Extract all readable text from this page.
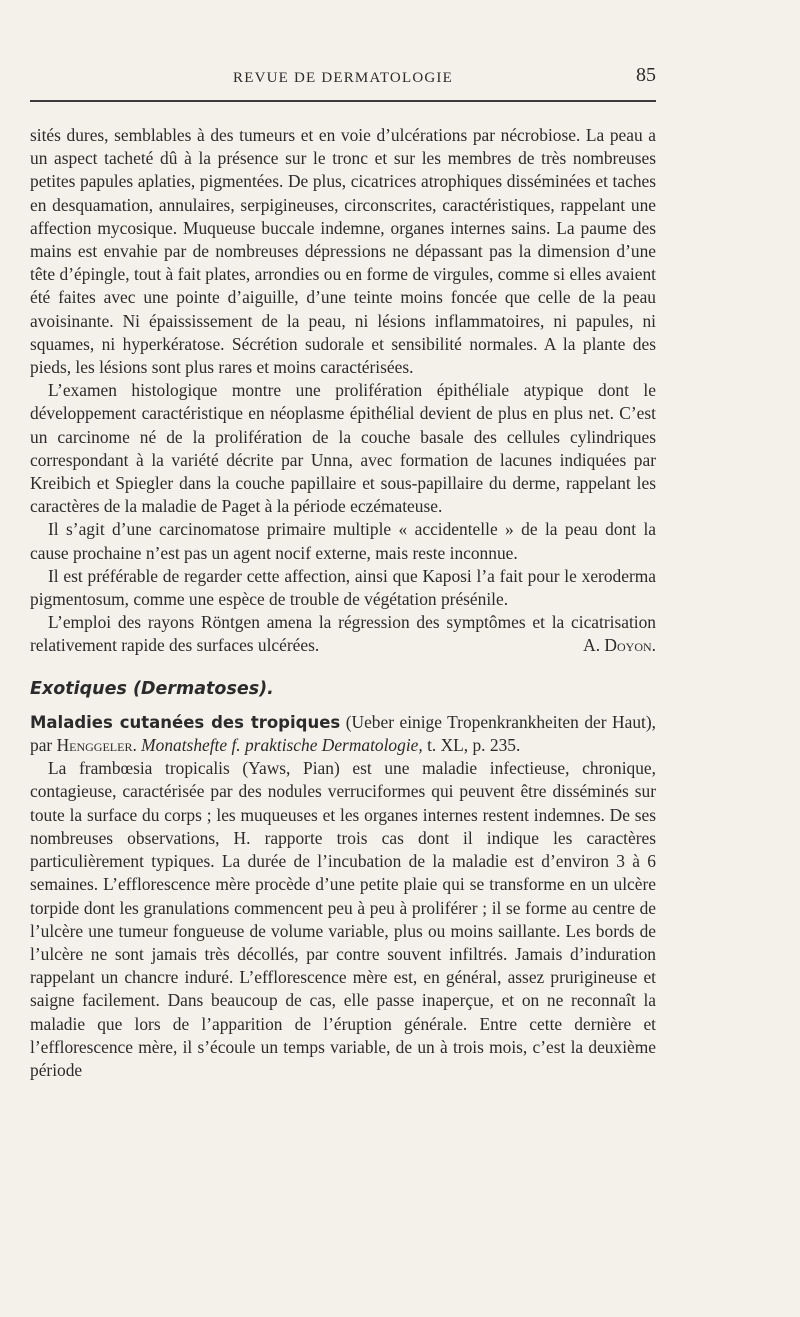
REVUE DE DERMATOLOGIE	85

sités dures, semblables à des tumeurs et en voie d’ulcérations par nécrobiose. La peau a un aspect tacheté dû à la présence sur le tronc et sur les membres de très nombreuses petites papules aplaties, pigmentées. De plus, cicatrices atrophiques disséminées et taches en desquamation, annulaires, serpigineuses, circonscrites, caractéristiques, rappelant une affection mycosique. Muqueuse buccale indemne, organes internes sains. La paume des mains est envahie par de nombreuses dépressions ne dépassant pas la dimension d’une tête d’épingle, tout à fait plates, arrondies ou en forme de virgules, comme si elles avaient été faites avec une pointe d’aiguille, d’une teinte moins foncée que celle de la peau avoisinante. Ni épaississement de la peau, ni lésions inflammatoires, ni papules, ni squames, ni hyperkératose. Sécrétion sudorale et sensibilité normales. A la plante des pieds, les lésions sont plus rares et moins caractérisées.

L’examen histologique montre une prolifération épithéliale atypique dont le développement caractéristique en néoplasme épithélial devient de plus en plus net. C’est un carcinome né de la prolifération de la couche basale des cellules cylindriques correspondant à la variété décrite par Unna, avec formation de lacunes indiquées par Kreibich et Spiegler dans la couche papillaire et sous-papillaire du derme, rappelant les caractères de la maladie de Paget à la période eczémateuse.

Il s’agit d’une carcinomatose primaire multiple « accidentelle » de la peau dont la cause prochaine n’est pas un agent nocif externe, mais reste inconnue.

Il est préférable de regarder cette affection, ainsi que Kaposi l’a fait pour le xeroderma pigmentosum, comme une espèce de trouble de végétation présénile.

L’emploi des rayons Röntgen amena la régression des symptômes et la cicatrisation relativement rapide des surfaces ulcérées.	A. Doyon.

Exotiques (Dermatoses).

Maladies cutanées des tropiques (Ueber einige Tropenkrankheiten der Haut), par Henggeler. Monatshefte f. praktische Dermatologie, t. XL, p. 235.

La frambœsia tropicalis (Yaws, Pian) est une maladie infectieuse, chronique, contagieuse, caractérisée par des nodules verruciformes qui peuvent être disséminés sur toute la surface du corps ; les muqueuses et les organes internes restent indemnes. De ses nombreuses observations, H. rapporte trois cas dont il indique les caractères particulièrement typiques. La durée de l’incubation de la maladie est d’environ 3 à 6 semaines. L’efflorescence mère procède d’une petite plaie qui se transforme en un ulcère torpide dont les granulations commencent peu à peu à proliférer ; il se forme au centre de l’ulcère une tumeur fongueuse de volume variable, plus ou moins saillante. Les bords de l’ulcère ne sont jamais très décollés, par contre souvent infiltrés. Jamais d’induration rappelant un chancre induré. L’efflorescence mère est, en général, assez prurigineuse et saigne facilement. Dans beaucoup de cas, elle passe inaperçue, et on ne reconnaît la maladie que lors de l’apparition de l’éruption générale. Entre cette dernière et l’efflorescence mère, il s’écoule un temps variable, de un à trois mois, c’est la deuxième période
